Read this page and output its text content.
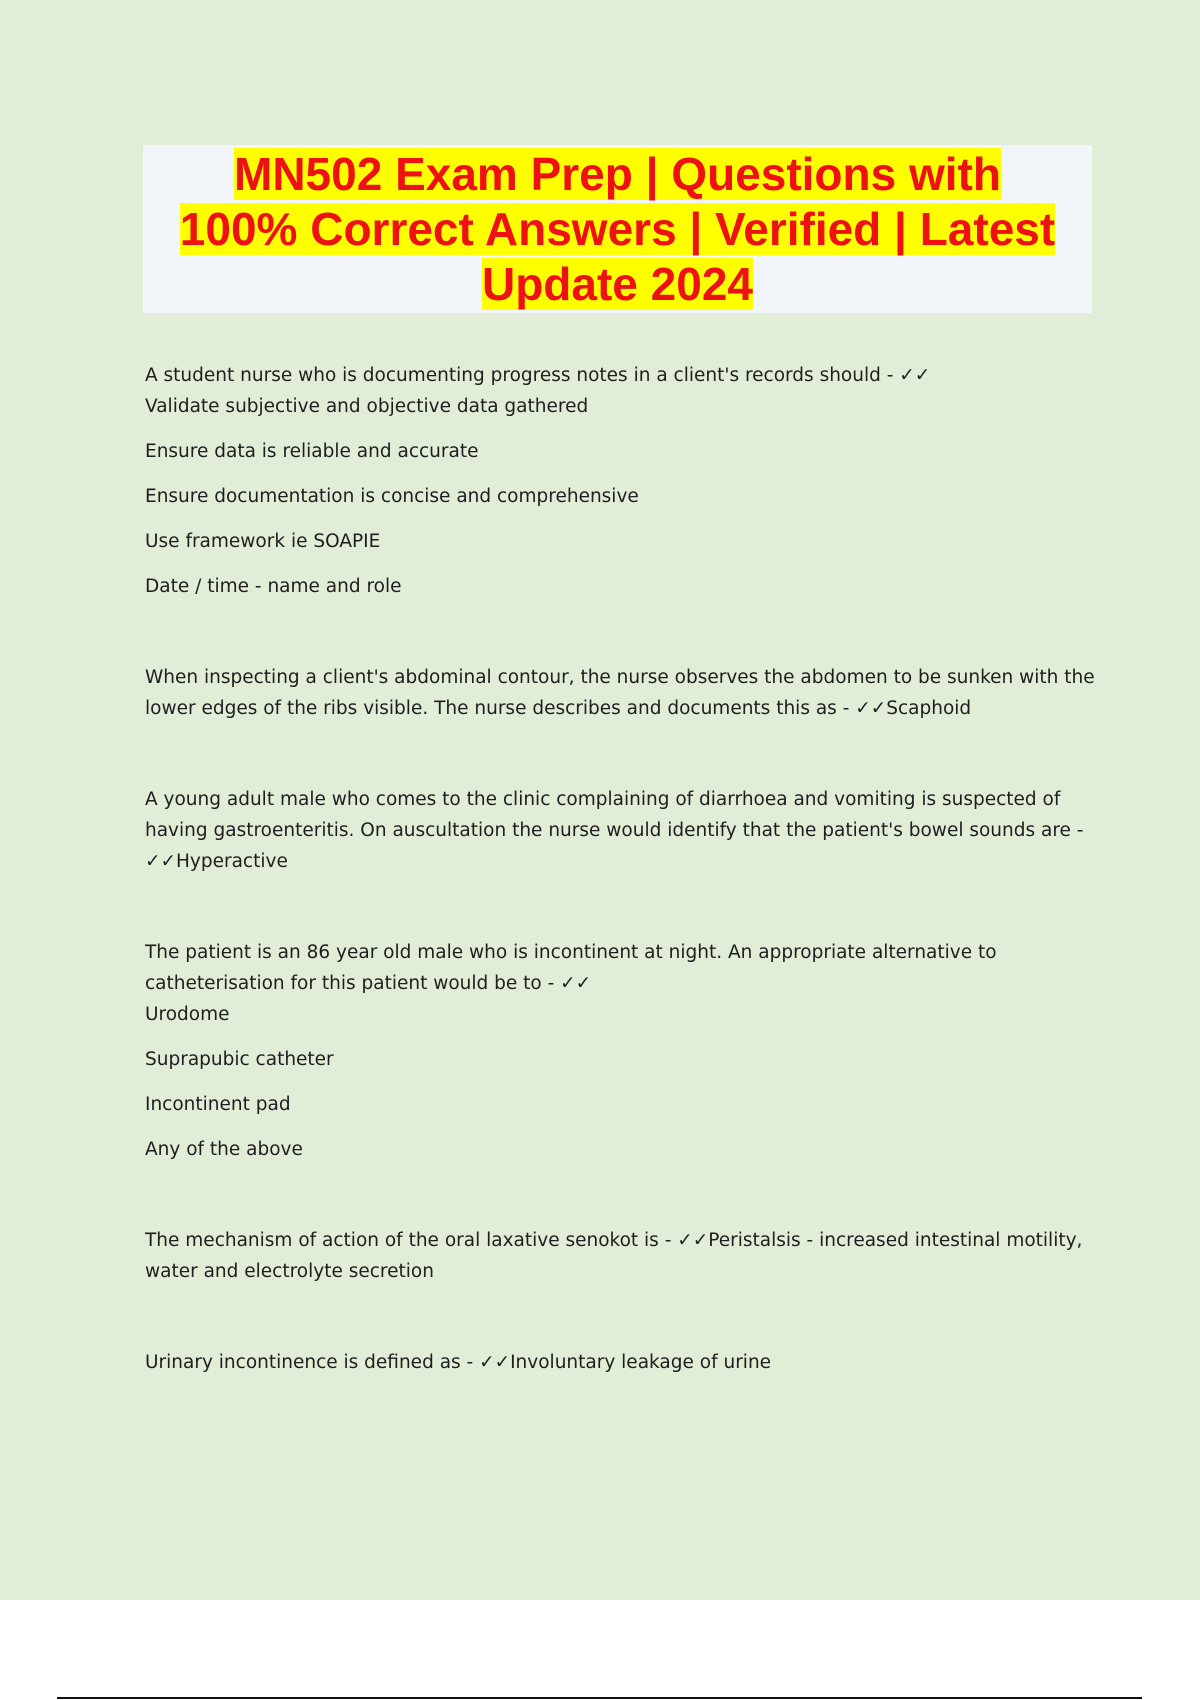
MN502 Exam Prep | Questions with
100% Correct Answers | Verified | Latest
Update 2024

A student nurse who is documenting progress notes in a client's records should - ✓✓
Validate subjective and objective data gathered
Ensure data is reliable and accurate
Ensure documentation is concise and comprehensive
Use framework ie SOAPIE
Date / time - name and role
When inspecting a client's abdominal contour, the nurse observes the abdomen to be sunken with the
lower edges of the ribs visible. The nurse describes and documents this as - ✓✓Scaphoid
A young adult male who comes to the clinic complaining of diarrhoea and vomiting is suspected of
having gastroenteritis. On auscultation the nurse would identify that the patient's bowel sounds are -
✓✓Hyperactive
The patient is an 86 year old male who is incontinent at night. An appropriate alternative to
catheterisation for this patient would be to - ✓✓
Urodome
Suprapubic catheter
Incontinent pad
Any of the above
The mechanism of action of the oral laxative senokot is - ✓✓Peristalsis - increased intestinal motility,
water and electrolyte secretion
Urinary incontinence is defined as - ✓✓Involuntary leakage of urine
